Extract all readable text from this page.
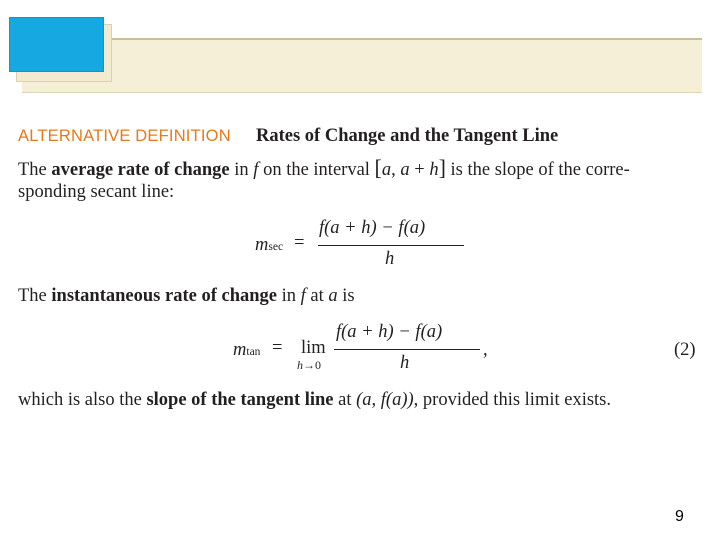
ALTERNATIVE DEFINITION Rates of Change and the Tangent Line
The average rate of change in f on the interval [a, a + h] is the slope of the corre-
sponding secant line:
msec =
f(a + h) − f(a)
h
The instantaneous rate of change in f at a is
mtan = lim
h→0
f(a + h) − f(a)
h
,	(2)
which is also the slope of the tangent line at (a, f(a)), provided this limit exists.
9
